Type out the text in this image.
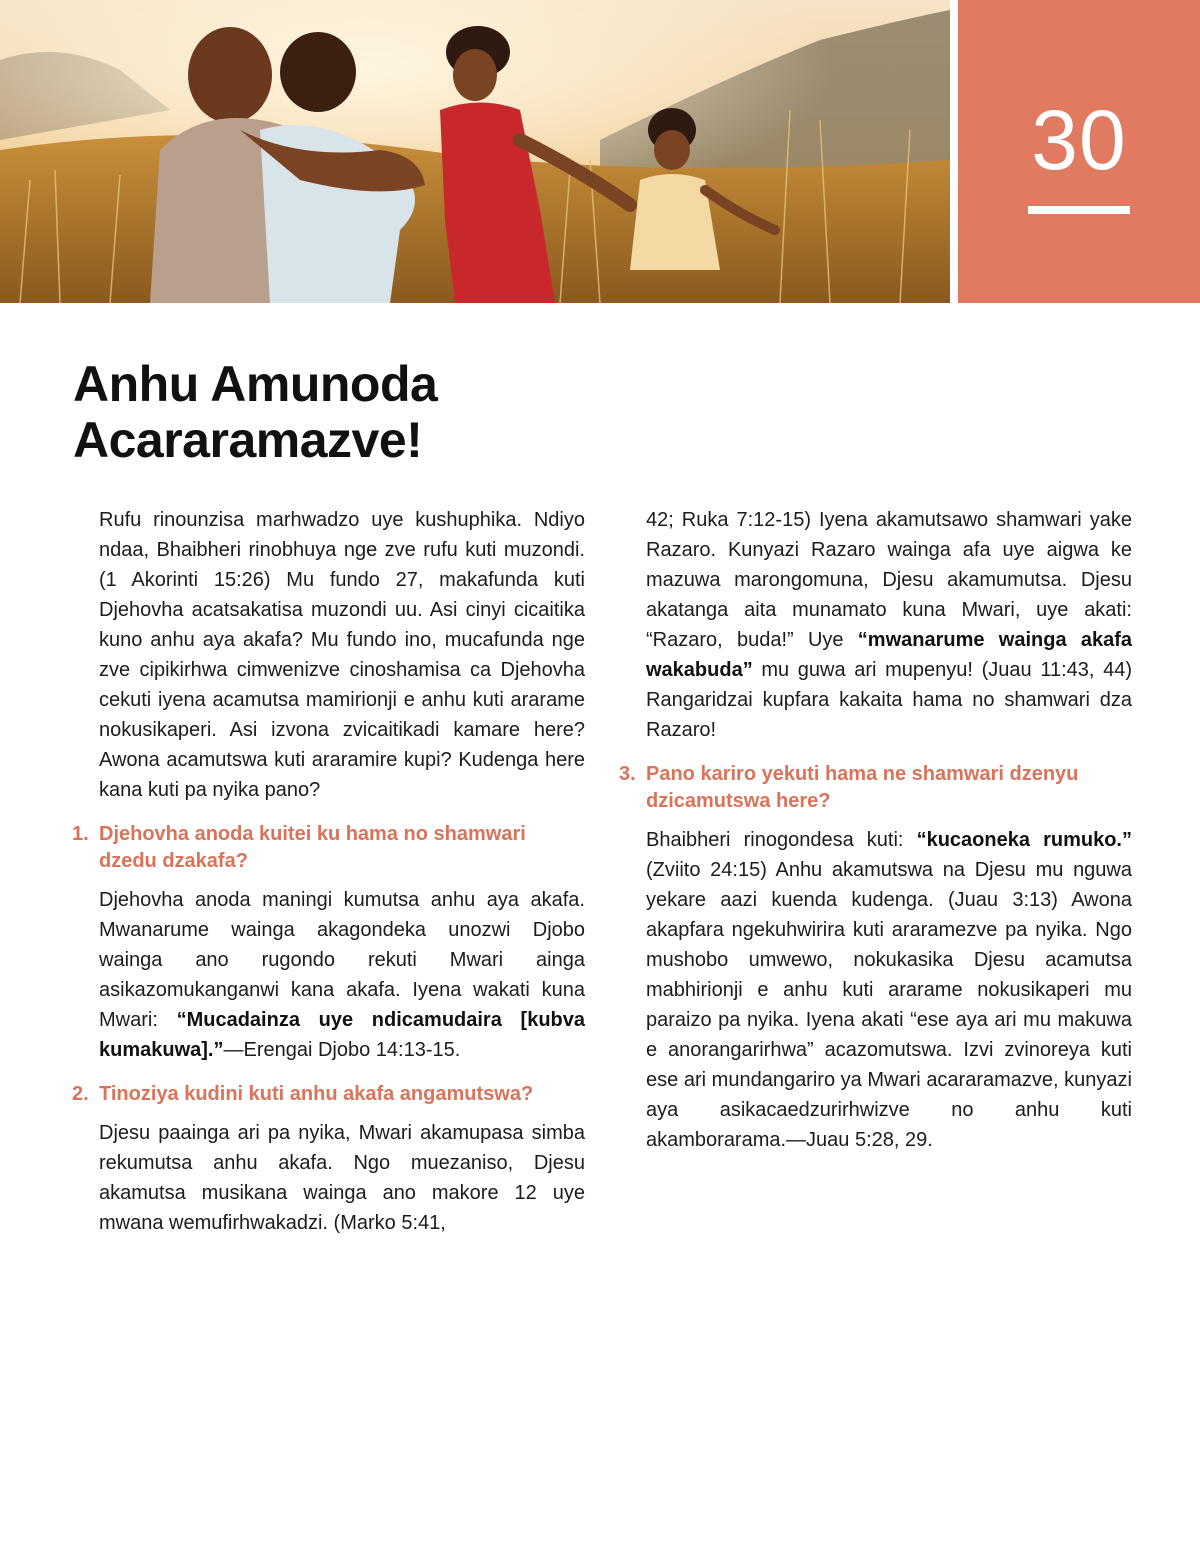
30
Anhu Amunoda
Acararamazve!

Rufu rinounzisa marhwadzo uye kushuphika. Ndiyo ndaa, Bhaibheri rinobhuya nge zve rufu kuti muzondi. (1 Akorinti 15:26) Mu fundo 27, makafunda kuti Djehovha acatsakatisa muzondi uu. Asi cinyi cicaitika kuno anhu aya akafa? Mu fundo ino, mucafunda nge zve cipikirhwa cimwenizve cinoshamisa ca Djehovha cekuti iyena acamutsa mamirionji e anhu kuti ararame nokusikaperi. Asi izvona zvicaitikadi kamare here? Awona acamutswa kuti araramire kupi? Kudenga here kana kuti pa nyika pano?

1. Djehovha anoda kuitei ku hama no shamwari dzedu dzakafa?

Djehovha anoda maningi kumutsa anhu aya akafa. Mwanarume wainga akagondeka unozwi Djobo wainga ano rugondo rekuti Mwari ainga asikazomukanganwi kana akafa. Iyena wakati kuna Mwari: “Mucadainza uye ndicamudaira [kubva kumakuwa].”—Erengai Djobo 14:13-15.

2. Tinoziya kudini kuti anhu akafa angamutswa?

Djesu paainga ari pa nyika, Mwari akamupasa simba rekumutsa anhu akafa. Ngo muezaniso, Djesu akamutsa musikana wainga ano makore 12 uye mwana wemufirhwakadzi. (Marko 5:41,

42; Ruka 7:12-15) Iyena akamutsawo shamwari yake Razaro. Kunyazi Razaro wainga afa uye aigwa ke mazuwa marongomuna, Djesu akamumutsa. Djesu akatanga aita munamato kuna Mwari, uye akati: “Razaro, buda!” Uye “mwanarume wainga akafa wakabuda” mu guwa ari mupenyu! (Juau 11:43, 44) Rangaridzai kupfara kakaita hama no shamwari dza Razaro!

3. Pano kariro yekuti hama ne shamwari dzenyu dzicamutswa here?

Bhaibheri rinogondesa kuti: “kucaoneka rumuko.” (Zviito 24:15) Anhu akamutswa na Djesu mu nguwa yekare aazi kuenda kudenga. (Juau 3:13) Awona akapfara ngekuhwirira kuti araramezve pa nyika. Ngo mushobo umwewo, nokukasika Djesu acamutsa mabhirionji e anhu kuti ararame nokusikaperi mu paraizo pa nyika. Iyena akati “ese aya ari mu makuwa e anorangarirhwa” acazomutswa. Izvi zvinoreya kuti ese ari mundangariro ya Mwari acararamazve, kunyazi aya asikacaedzurirhwizve no anhu kuti akamboraramа.—Juau 5:28, 29.
